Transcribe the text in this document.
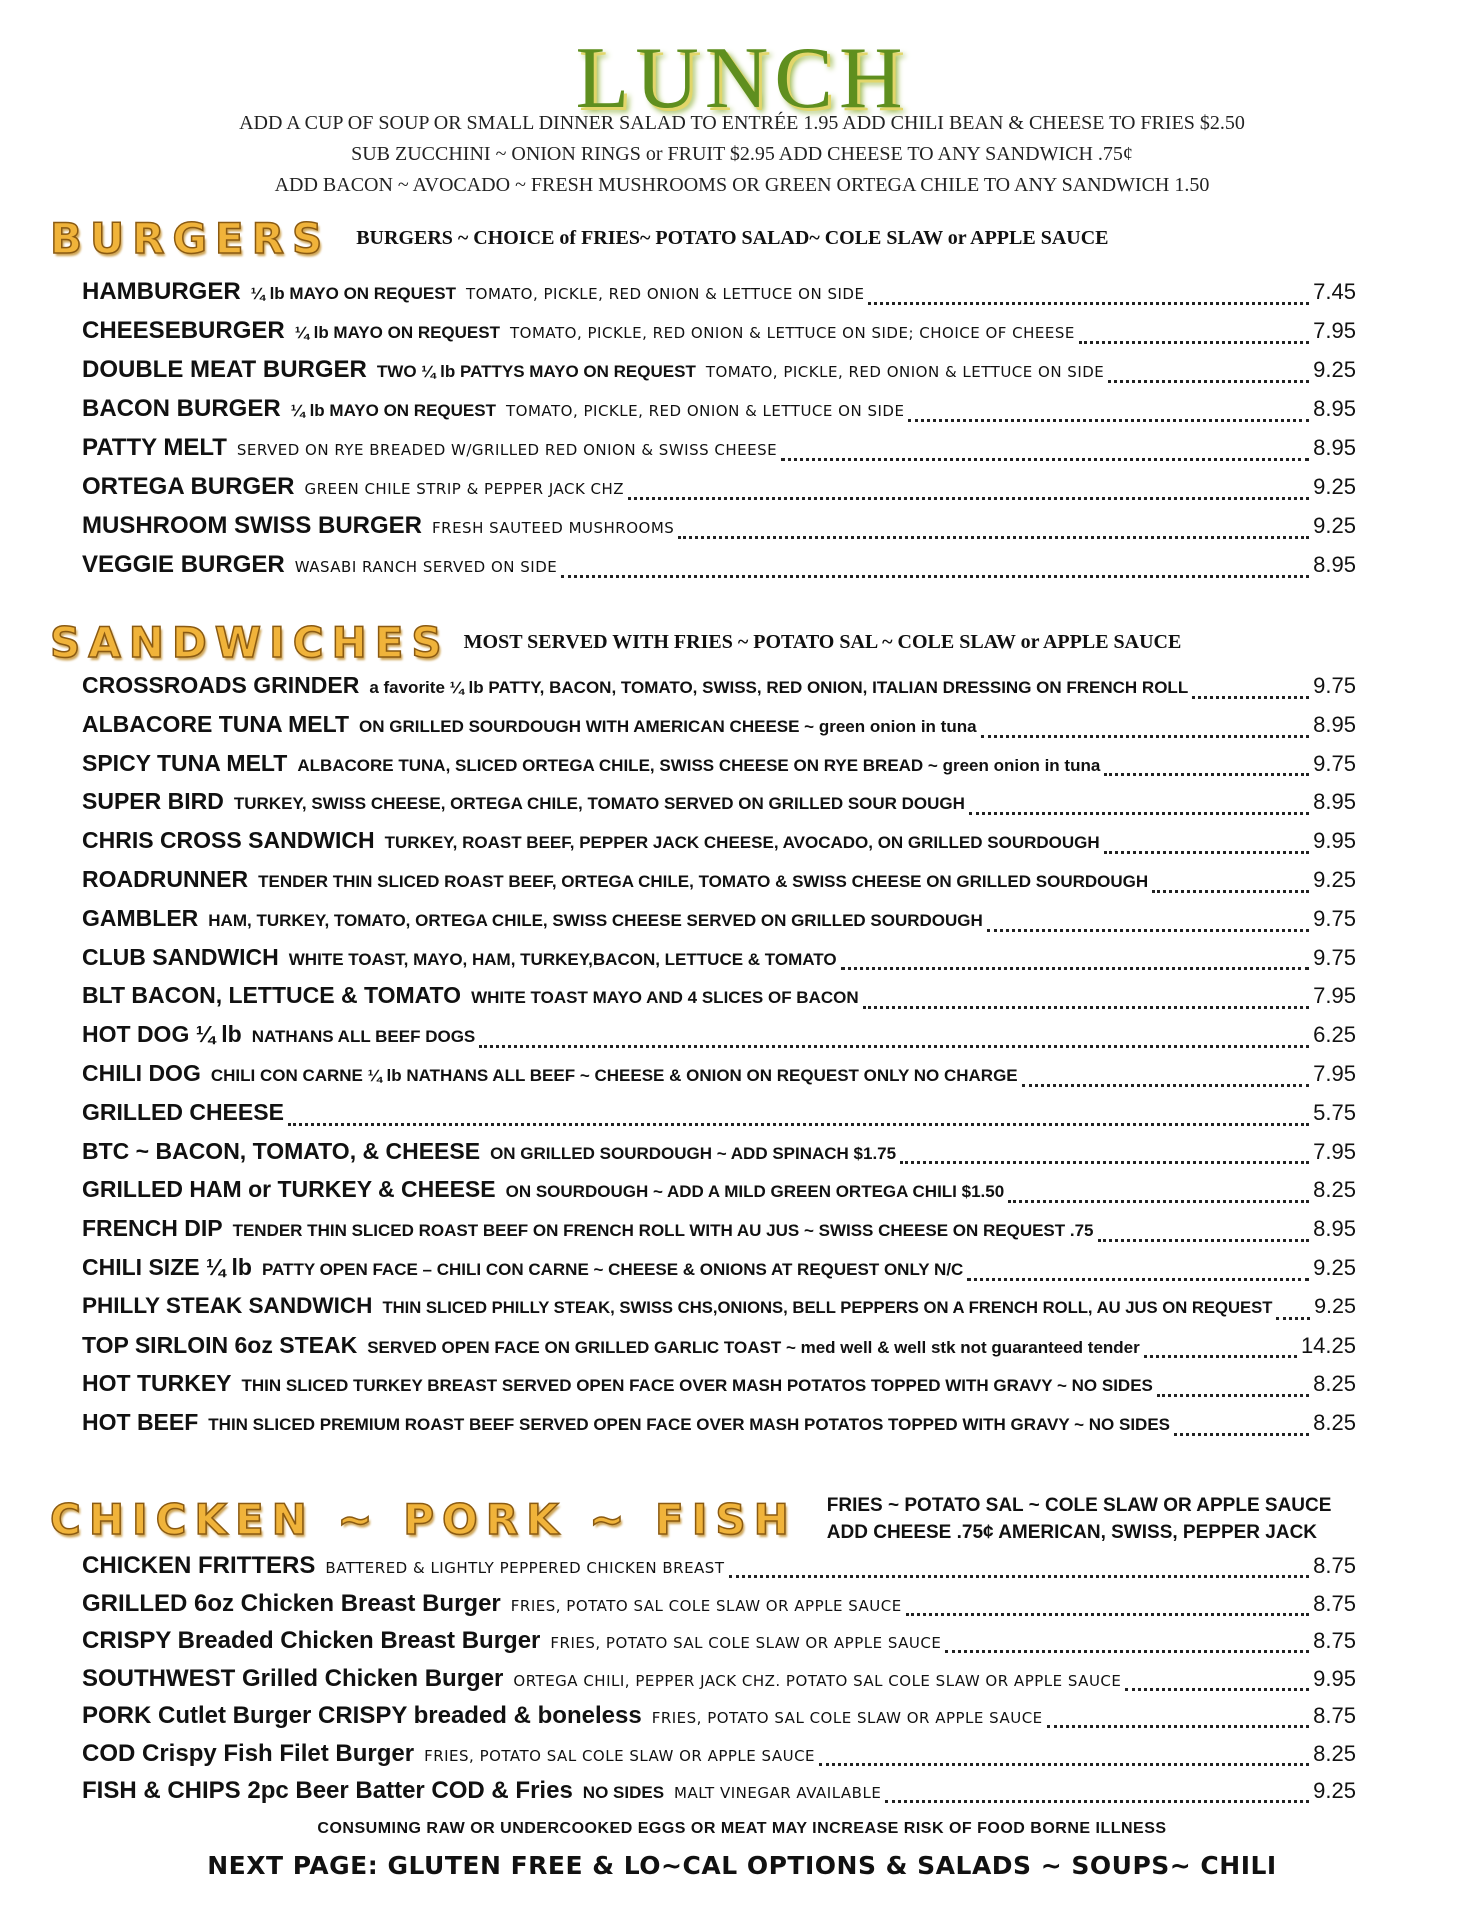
LUNCH
ADD A CUP OF SOUP OR SMALL DINNER SALAD TO ENTRÉE 1.95 ADD CHILI BEAN & CHEESE TO FRIES $2.50
SUB ZUCCHINI ~ ONION RINGS or FRUIT $2.95 ADD CHEESE TO ANY SANDWICH .75¢
ADD BACON ~ AVOCADO ~ FRESH MUSHROOMS OR GREEN ORTEGA CHILE TO ANY SANDWICH 1.50
BURGERS BURGERS ~ CHOICE of FRIES~ POTATO SALAD~ COLE SLAW or APPLE SAUCE
HAMBURGER ¼ lb MAYO ON REQUEST TOMATO, PICKLE, RED ONION & LETTUCE ON SIDE	7.45
CHEESEBURGER ¼ lb MAYO ON REQUEST TOMATO, PICKLE, RED ONION & LETTUCE ON SIDE; CHOICE OF CHEESE	7.95
DOUBLE MEAT BURGER TWO ¼ lb PATTYS MAYO ON REQUEST TOMATO, PICKLE, RED ONION & LETTUCE ON SIDE	9.25
BACON BURGER ¼ lb MAYO ON REQUEST TOMATO, PICKLE, RED ONION & LETTUCE ON SIDE	8.95
PATTY MELT SERVED ON RYE BREADED W/GRILLED RED ONION & SWISS CHEESE	8.95
ORTEGA BURGER GREEN CHILE STRIP & PEPPER JACK CHZ	9.25
MUSHROOM SWISS BURGER FRESH SAUTEED MUSHROOMS	9.25
VEGGIE BURGER WASABI RANCH SERVED ON SIDE	8.95
SANDWICHES MOST SERVED WITH FRIES ~ POTATO SAL ~ COLE SLAW or APPLE SAUCE
CROSSROADS GRINDER a favorite ¼ lb PATTY, BACON, TOMATO, SWISS, RED ONION, ITALIAN DRESSING ON FRENCH ROLL	9.75
ALBACORE TUNA MELT ON GRILLED SOURDOUGH WITH AMERICAN CHEESE ~ green onion in tuna	8.95
SPICY TUNA MELT ALBACORE TUNA, SLICED ORTEGA CHILE, SWISS CHEESE ON RYE BREAD ~ green onion in tuna	9.75
SUPER BIRD TURKEY, SWISS CHEESE, ORTEGA CHILE, TOMATO SERVED ON GRILLED SOUR DOUGH	8.95
CHRIS CROSS SANDWICH TURKEY, ROAST BEEF, PEPPER JACK CHEESE, AVOCADO, ON GRILLED SOURDOUGH	9.95
ROADRUNNER TENDER THIN SLICED ROAST BEEF, ORTEGA CHILE, TOMATO & SWISS CHEESE ON GRILLED SOURDOUGH	9.25
GAMBLER HAM, TURKEY, TOMATO, ORTEGA CHILE, SWISS CHEESE SERVED ON GRILLED SOURDOUGH	9.75
CLUB SANDWICH WHITE TOAST, MAYO, HAM, TURKEY,BACON, LETTUCE & TOMATO	9.75
BLT BACON, LETTUCE & TOMATO WHITE TOAST MAYO AND 4 SLICES OF BACON	7.95
HOT DOG ¼ lb NATHANS ALL BEEF DOGS	6.25
CHILI DOG CHILI CON CARNE ¼ lb NATHANS ALL BEEF ~ CHEESE & ONION ON REQUEST ONLY NO CHARGE	7.95
GRILLED CHEESE	5.75
BTC ~ BACON, TOMATO, & CHEESE ON GRILLED SOURDOUGH ~ ADD SPINACH $1.75	7.95
GRILLED HAM or TURKEY & CHEESE ON SOURDOUGH ~ ADD A MILD GREEN ORTEGA CHILI $1.50	8.25
FRENCH DIP TENDER THIN SLICED ROAST BEEF ON FRENCH ROLL WITH AU JUS ~ SWISS CHEESE ON REQUEST .75	8.95
CHILI SIZE ¼ lb PATTY OPEN FACE – CHILI CON CARNE ~ CHEESE & ONIONS AT REQUEST ONLY N/C	9.25
PHILLY STEAK SANDWICH THIN SLICED PHILLY STEAK, SWISS CHS,ONIONS, BELL PEPPERS ON A FRENCH ROLL, AU JUS ON REQUEST 9.25
TOP SIRLOIN 6oz STEAK SERVED OPEN FACE ON GRILLED GARLIC TOAST ~ med well & well stk not guaranteed tender	14.25
HOT TURKEY THIN SLICED TURKEY BREAST SERVED OPEN FACE OVER MASH POTATOS TOPPED WITH GRAVY ~ NO SIDES	8.25
HOT BEEF THIN SLICED PREMIUM ROAST BEEF SERVED OPEN FACE OVER MASH POTATOS TOPPED WITH GRAVY ~ NO SIDES	8.25
CHICKEN ~ PORK ~ FISH FRIES ~ POTATO SAL ~ COLE SLAW OR APPLE SAUCE
ADD CHEESE .75¢ AMERICAN, SWISS, PEPPER JACK
CHICKEN FRITTERS BATTERED & LIGHTLY PEPPERED CHICKEN BREAST	8.75
GRILLED 6oz Chicken Breast Burger FRIES, POTATO SAL COLE SLAW OR APPLE SAUCE	8.75
CRISPY Breaded Chicken Breast Burger FRIES, POTATO SAL COLE SLAW OR APPLE SAUCE	8.75
SOUTHWEST Grilled Chicken Burger ORTEGA CHILI, PEPPER JACK CHZ. POTATO SAL COLE SLAW OR APPLE SAUCE	9.95
PORK Cutlet Burger CRISPY breaded & boneless FRIES, POTATO SAL COLE SLAW OR APPLE SAUCE	8.75
COD Crispy Fish Filet Burger FRIES, POTATO SAL COLE SLAW OR APPLE SAUCE	8.25
FISH & CHIPS 2pc Beer Batter COD & Fries NO SIDES MALT VINEGAR AVAILABLE	9.25
CONSUMING RAW OR UNDERCOOKED EGGS OR MEAT MAY INCREASE RISK OF FOOD BORNE ILLNESS
NEXT PAGE: GLUTEN FREE & LO~CAL OPTIONS & SALADS ~ SOUPS~ CHILI
